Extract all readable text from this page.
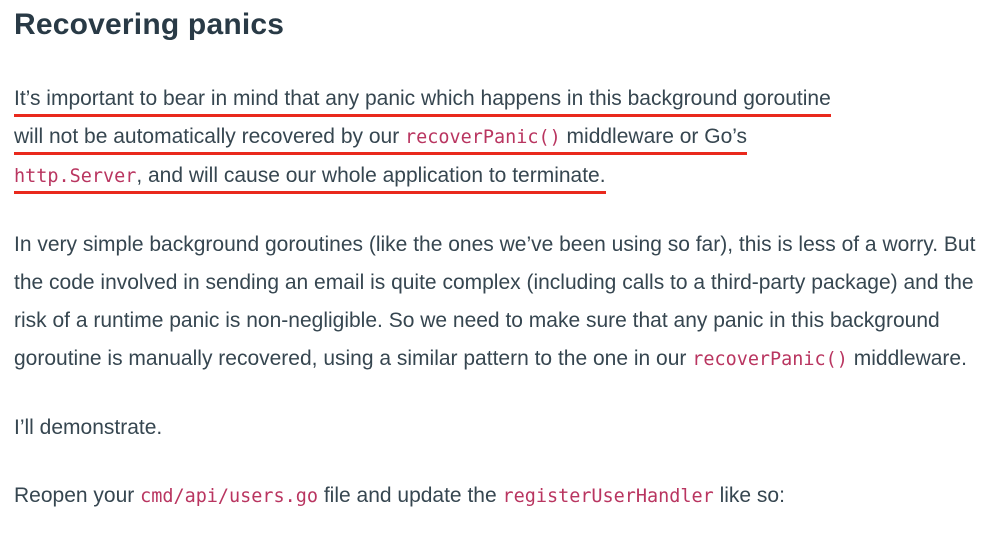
Recovering panics

It’s important to bear in mind that any panic which happens in this background goroutine
will not be automatically recovered by our recoverPanic() middleware or Go’s
http.Server, and will cause our whole application to terminate.

In very simple background goroutines (like the ones we’ve been using so far), this is less of a worry. But the code involved in sending an email is quite complex (including calls to a third-party package) and the risk of a runtime panic is non-negligible. So we need to make sure that any panic in this background goroutine is manually recovered, using a similar pattern to the one in our recoverPanic() middleware.

I’ll demonstrate.

Reopen your cmd/api/users.go file and update the registerUserHandler like so:
